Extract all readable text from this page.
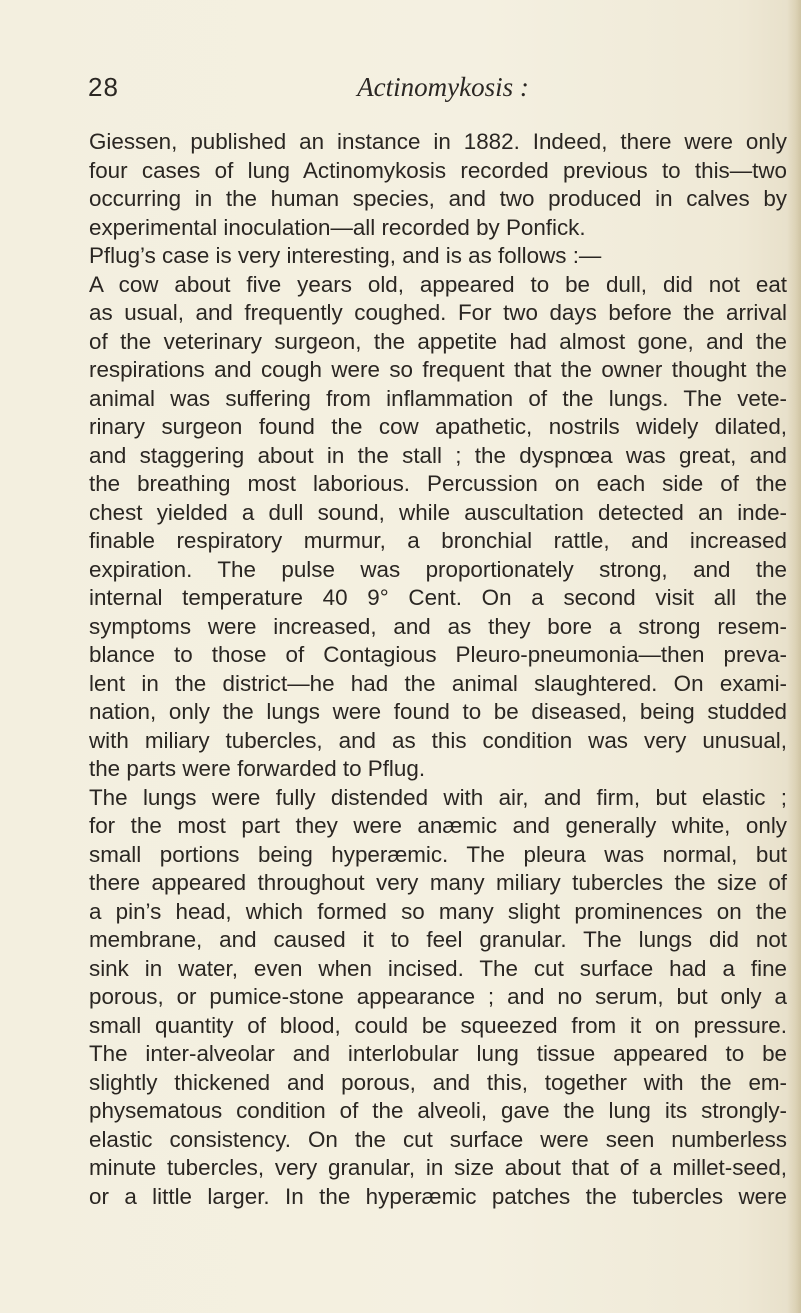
28	Actinomykosis :

Giessen, published an instance in 1882. Indeed, there were only
four cases of lung Actinomykosis recorded previous to this—two
occurring in the human species, and two produced in calves by
experimental inoculation—all recorded by Ponfick.

Pflug’s case is very interesting, and is as follows :—

A cow about five years old, appeared to be dull, did not eat
as usual, and frequently coughed. For two days before the arrival
of the veterinary surgeon, the appetite had almost gone, and the
respirations and cough were so frequent that the owner thought the
animal was suffering from inflammation of the lungs. The vete-
rinary surgeon found the cow apathetic, nostrils widely dilated,
and staggering about in the stall ; the dyspnœa was great, and
the breathing most laborious. Percussion on each side of the
chest yielded a dull sound, while auscultation detected an inde-
finable respiratory murmur, a bronchial rattle, and increased
expiration. The pulse was proportionately strong, and the
internal temperature 40 9° Cent. On a second visit all the
symptoms were increased, and as they bore a strong resem-
blance to those of Contagious Pleuro-pneumonia—then preva-
lent in the district—he had the animal slaughtered. On exami-
nation, only the lungs were found to be diseased, being studded
with miliary tubercles, and as this condition was very unusual,
the parts were forwarded to Pflug.

The lungs were fully distended with air, and firm, but elastic ;
for the most part they were anæmic and generally white, only
small portions being hyperæmic. The pleura was normal, but
there appeared throughout very many miliary tubercles the size of
a pin’s head, which formed so many slight prominences on the
membrane, and caused it to feel granular. The lungs did not
sink in water, even when incised. The cut surface had a fine
porous, or pumice-stone appearance ; and no serum, but only a
small quantity of blood, could be squeezed from it on pressure.
The inter-alveolar and interlobular lung tissue appeared to be
slightly thickened and porous, and this, together with the em-
physematous condition of the alveoli, gave the lung its strongly-
elastic consistency. On the cut surface were seen numberless
minute tubercles, very granular, in size about that of a millet-seed,
or a little larger. In the hyperæmic patches the tubercles were
